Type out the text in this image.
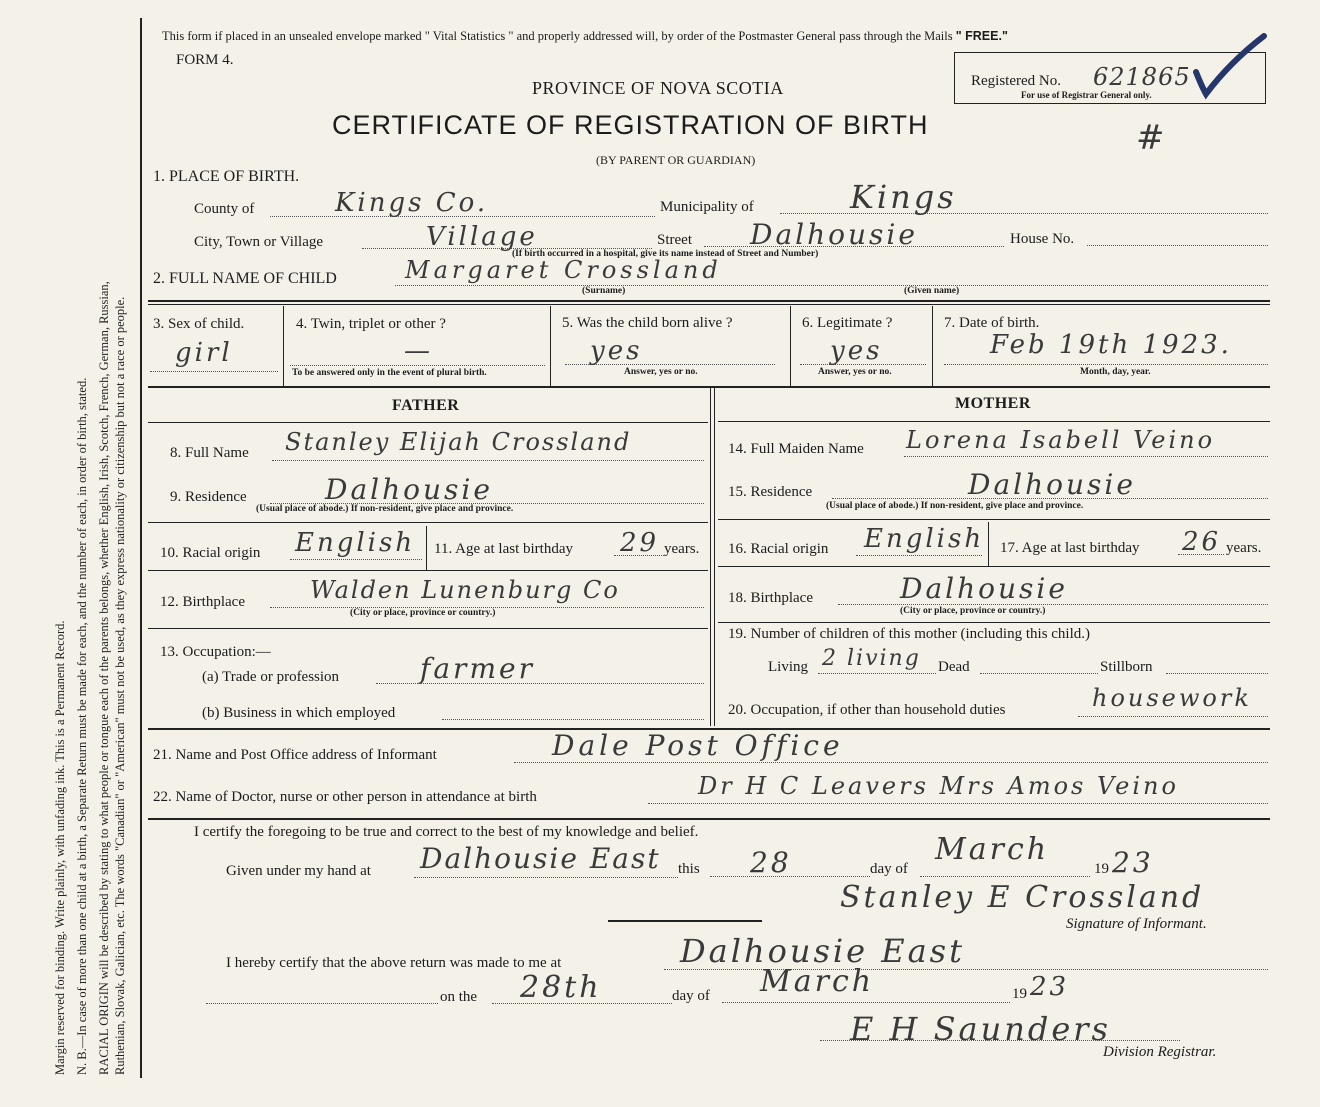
Margin reserved for binding. Write plainly, with unfading ink. This is a Permanent Record. N. B.—In case of more than one child at a birth, a Separate Return must be made for each, and the number of each, in order of birth, stated. RACIAL ORIGIN will be described by stating to what people or tongue each of the parents belongs, whether English, Irish, Scotch, French, German, Russian, Ruthenian, Slovak, Galician, etc. The words "Canadian" or "American" must not be used, as they express nationality or citizenship but not a race or people.
This form if placed in an unsealed envelope marked " Vital Statistics " and properly addressed will, by order of the Postmaster General pass through the Mails " FREE."
FORM 4.
PROVINCE OF NOVA SCOTIA
CERTIFICATE OF REGISTRATION OF BIRTH
(BY PARENT OR GUARDIAN)
Registered No. 621865
For use of Registrar General only.
#
1. PLACE OF BIRTH.
County of	Kings Co.	Municipality of	Kings
City, Town or Village	Village	Street Dalhousie
(If birth occurred in a hospital, give its name instead of Street and Number)
House No.
2. FULL NAME OF CHILD	Margaret Crossland
(Surname)	(Given name)
3. Sex of child.
girl
4. Twin, triplet or other ?
—
To be answered only in the event of plural birth.
5. Was the child born alive ?
yes
Answer, yes or no.
6. Legitimate ?
yes
Answer, yes or no.
7. Date of birth.
Feb 19th 1923.
Month, day, year.
FATHER	MOTHER
8. Full Name Stanley Elijah Crossland
9. Residence	Dalhousie
(Usual place of abode.) If non-resident, give place and province.
10. Racial origin English 11. Age at last birthday 29 years.
12. Birthplace	Walden Lunenburg Co
(City or place, province or country.)
13. Occupation:—
(a) Trade or profession	farmer
(b) Business in which employed
14. Full Maiden Name Lorena Isabell Veino
15. Residence	Dalhousie
(Usual place of abode.) If non-resident, give place and province.
16. Racial origin English 17. Age at last birthday 26 years.
18. Birthplace	Dalhousie
(City or place, province or country.)
19. Number of children of this mother (including this child.)
Living 2 living Dead	Stillborn
20. Occupation, if other than household duties	housework
21. Name and Post Office address of Informant	Dale Post Office
22. Name of Doctor, nurse or other person in attendance at birth	Dr H C Leavers Mrs Amos Veino
I certify the foregoing to be true and correct to the best of my knowledge and belief.
Given under my hand at Dalhousie East this 28	day of
March
19 23
Stanley E Crossland
Signature of Informant.
I hereby certify that the above return was made to me at	Dalhousie East
on the 28th	day of March	19 23
E H Saunders
Division Registrar.
